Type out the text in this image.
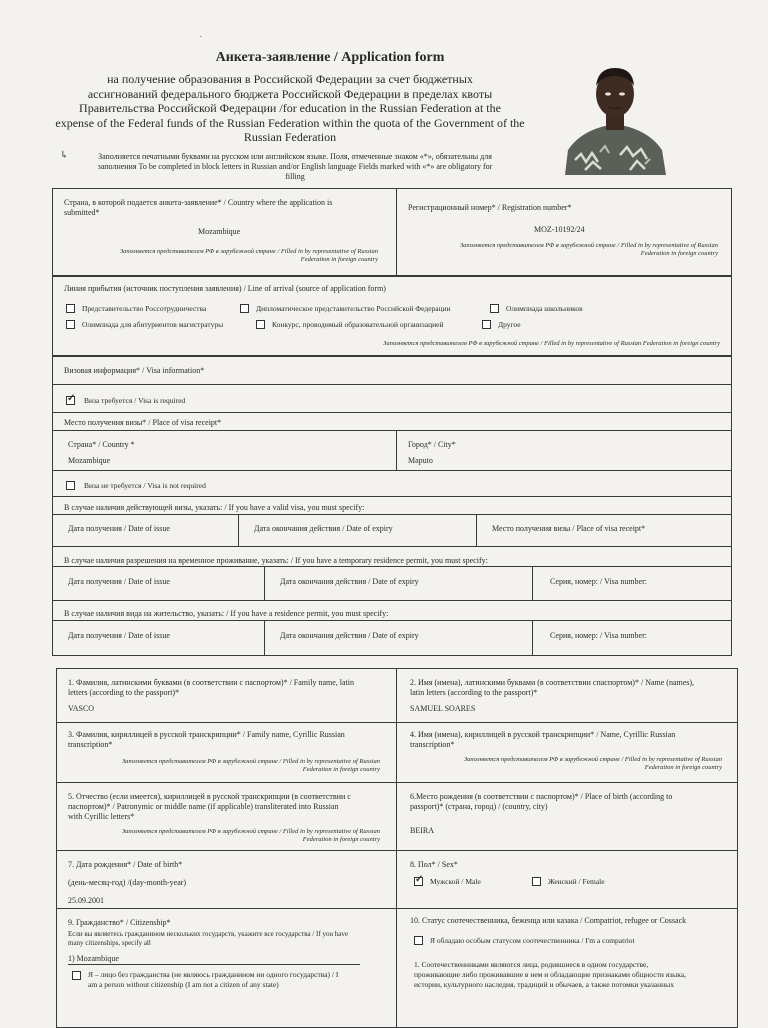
.
Анкета-заявление / Application form
на получение образования в Российской Федерации за счет бюджетных
ассигнований федерального бюджета Российской Федерации в пределах квоты
Правительства Российской Федерации /for education in the Russian Federation at the
expense of the Federal funds of the Russian Federation within the quota of the Government of the
Russian Federation
↳	Заполняется печатными буквами на русском или английском языке. Поля, отмеченные знаком «*», обязательны для
заполнения To be completed in block letters in Russian and/or English language Fields marked with «*» are obligatory for
filling
Страна, в которой подается анкета-заявление* / Country where the application is
submitted*
Mozambique
Заполняется представителем РФ в зарубежной стране / Filled in by representative of Russian
Federation in foreign country
Регистрационный номер* / Registration number*
MOZ-10192/24
Заполняется представителем РФ в зарубежной стране / Filled in by representative of Russian
Federation in foreign country
Линия прибытия (источник поступления заявления) / Line of arrival (source of application form)
Представительство Россотрудничества	Дипломатическое представительство Российской Федерации	Олимпиада школьников
Олимпиада для абитуриентов магистратуры	Конкурс, проводимый образовательной организацией	Другое
Заполняется представителем РФ в зарубежной стране / Filled in by representative of Russian Federation in foreign country
Визовая информация* / Visa information*
✓
Виза требуется / Visa is required
Место получения визы* / Place of visa receipt*
Страна* / Country *
Mozambique
Город* / City*
Maputo
Визa не требуется / Visa is not required
В случае наличия действующей визы, указать: / If you have a valid visa, you must specify:
Дата получения / Date of issue	Дата окончания действия / Date of expiry	Место получения визы / Place of visa receipt*
В случае наличия разрешения на временное проживание, указать: / If you have a temporary residence permit, you must specify:
Дата получения / Date of issue	Дата окончания действия / Date of expiry	Серия, номер: / Visa number:
В случае наличия вида на жительство, указать: / If you have a residence permit, you must specify:
Дата получения / Date of issue	Дата окончания действия / Date of expiry	Серия, номер: / Visa number:
1. Фамилия, латинскими буквами (в соответствии с паспортом)* / Family name, latin
letters (according to the passport)*
VASCO
2. Имя (имена), латинскими буквами (в соответствии спаспортом)* / Name (names),
latin letters (according to the passport)*
SAMUEL SOARES
3. Фамилия, кириллицей в русской транскрипции* / Family name, Cyrillic Russian
transcription*
Заполняется представителем РФ в зарубежной стране / Filled in by representative of Russian
Federation in foreign country
4. Имя (имена), кириллицей в русской транскрипции* / Name, Cyrillic Russian
transcription*
Заполняется представителем РФ в зарубежной стране / Filled in by representative of Russian
Federation in foreign country
5. Отчество (если имеется), кириллицей в русской транскрипции (в соответствии с
паспортом)* / Patronymic or middle name (if applicable) transliterated into Russian
with Cyrillic letters*
Заполняется представителем РФ в зарубежной стране / Filled in by representative of Russian
Federation in foreign country
6.Место рождения (в соответствии с паспортом)* / Place of birth (according to
passport)* (страна, город) / (country, city)
BEIRA
7. Дата рождения* / Date of birth*
(день-месяц-год) /(day-month-year)
25.09.2001
8. Пол* / Sex*
✓
Мужской / Male	Женский / Female
9. Гражданство* / Citizenship*
Если вы являетесь гражданином нескольких государств, укажите все государства / If you have
many citizenships, specify all
1) Mozambique
Я – лицо без гражданства (не являюсь гражданином ни одного государства) / I
am a person without citizenship (I am not a citizen of any state)
10. Статус соотечественника, беженца или казака / Compatriot, refugee or Cossack
Я обладаю особым статусом соотечественника / I'm a compatriot
1. Соотечественниками являются лица, родившиеся в одном государстве,
проживающие либо проживавшие в нем и обладающие признаками общности языка,
истории, культурного наследия, традиций и обычаев, а также потомки указанных
